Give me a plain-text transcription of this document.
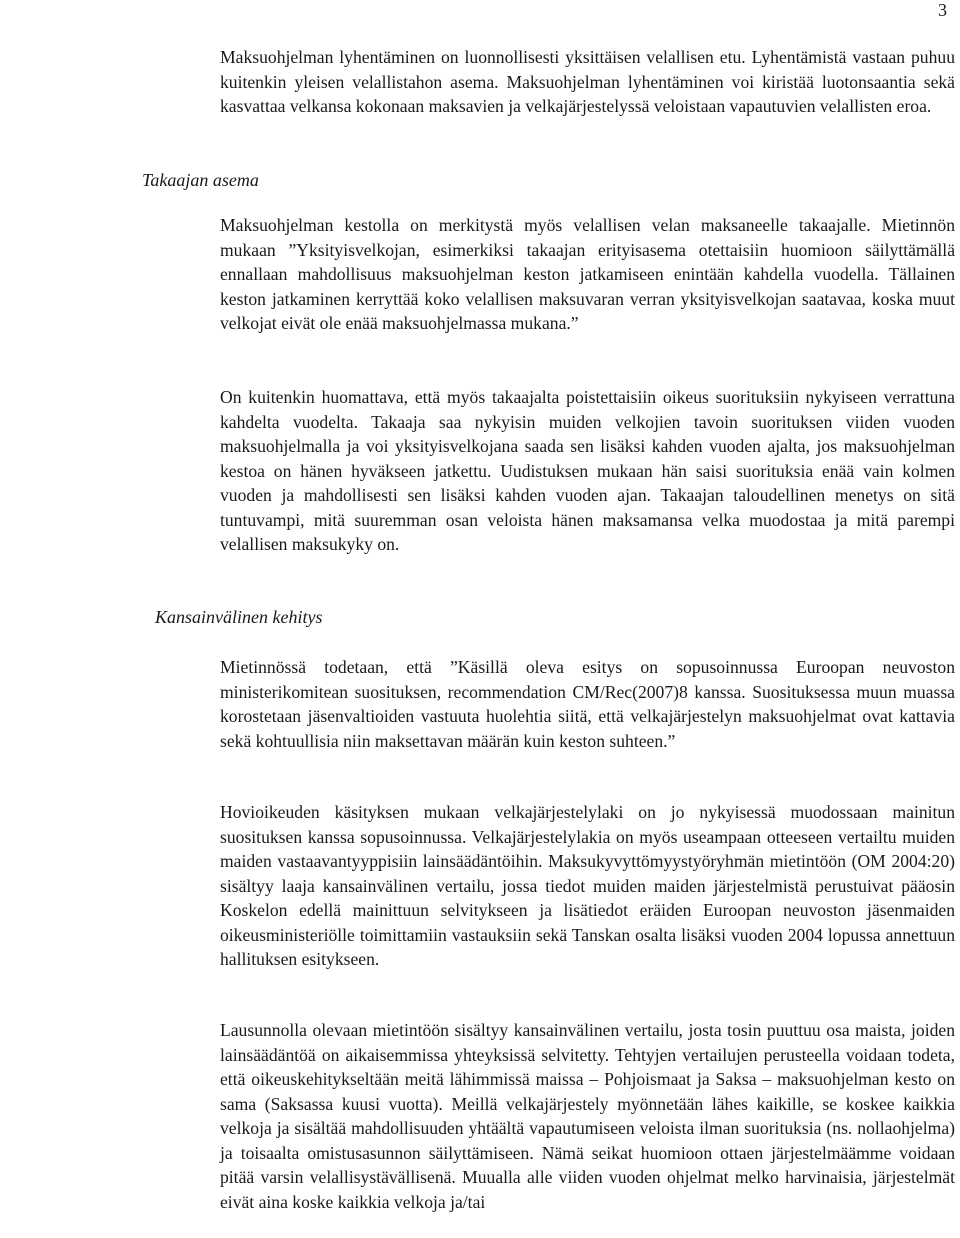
3

Maksuohjelman lyhentäminen on luonnollisesti yksittäisen velallisen etu. Lyhentämistä vastaan puhuu kuitenkin yleisen velallistahon asema. Maksuohjelman lyhentäminen voi kiristää luotonsaantia sekä kasvattaa velkansa kokonaan maksavien ja velkajärjestelyssä veloistaan vapautuvien velallisten eroa.

Takaajan asema

Maksuohjelman kestolla on merkitystä myös velallisen velan maksaneelle takaajalle. Mietinnön mukaan ”Yksityisvelkojan, esimerkiksi takaajan erityisasema otettaisiin huomioon säilyttämällä ennallaan mahdollisuus maksuohjelman keston jatkamiseen enintään kahdella vuodella. Tällainen keston jatkaminen kerryttää koko velallisen maksuvaran verran yksityisvelkojan saatavaa, koska muut velkojat eivät ole enää maksuohjelmassa mukana.”

On kuitenkin huomattava, että myös takaajalta poistettaisiin oikeus suorituksiin nykyiseen verrattuna kahdelta vuodelta. Takaaja saa nykyisin muiden velkojien tavoin suorituksen viiden vuoden maksuohjelmalla ja voi yksityisvelkojana saada sen lisäksi kahden vuoden ajalta, jos maksuohjelman kestoa on hänen hyväkseen jatkettu. Uudistuksen mukaan hän saisi suorituksia enää vain kolmen vuoden ja mahdollisesti sen lisäksi kahden vuoden ajan. Takaajan taloudellinen menetys on sitä tuntuvampi, mitä suuremman osan veloista hänen maksamansa velka muodostaa ja mitä parempi velallisen maksukyky on.

Kansainvälinen kehitys

Mietinnössä todetaan, että ”Käsillä oleva esitys on sopusoinnussa Euroopan neuvoston ministerikomitean suosituksen, recommendation CM/Rec(2007)8 kanssa. Suosituksessa muun muassa korostetaan jäsenvaltioiden vastuuta huolehtia siitä, että velkajärjestelyn maksuohjelmat ovat kattavia sekä kohtuullisia niin maksettavan määrän kuin keston suhteen.”

Hovioikeuden käsityksen mukaan velkajärjestelylaki on jo nykyisessä muodossaan mainitun suosituksen kanssa sopusoinnussa. Velkajärjestelylakia on myös useampaan otteeseen vertailtu muiden maiden vastaavantyyppisiin lainsäädäntöihin. Maksukyvyttömyystyöryhmän mietintöön (OM 2004:20) sisältyy laaja kansainvälinen vertailu, jossa tiedot muiden maiden järjestelmistä perustuivat pääosin Koskelon edellä mainittuun selvitykseen ja lisätiedot eräiden Euroopan neuvoston jäsenmaiden oikeusministeriölle toimittamiin vastauksiin sekä Tanskan osalta lisäksi vuoden 2004 lopussa annettuun hallituksen esitykseen.

Lausunnolla olevaan mietintöön sisältyy kansainvälinen vertailu, josta tosin puuttuu osa maista, joiden lainsäädäntöä on aikaisemmissa yhteyksissä selvitetty. Tehtyjen vertailujen perusteella voidaan todeta, että oikeuskehitykseltään meitä lähimmissä maissa – Pohjoismaat ja Saksa – maksuohjelman kesto on sama (Saksassa kuusi vuotta). Meillä velkajärjestely myönnetään lähes kaikille, se koskee kaikkia velkoja ja sisältää mahdollisuuden yhtäältä vapautumiseen veloista ilman suorituksia (ns. nollaohjelma) ja toisaalta omistusasunnon säilyttämiseen. Nämä seikat huomioon ottaen järjestelmäämme voidaan pitää varsin velallisystävällisenä. Muualla alle viiden vuoden ohjelmat melko harvinaisia, järjestelmät eivät aina koske kaikkia velkoja ja/tai
